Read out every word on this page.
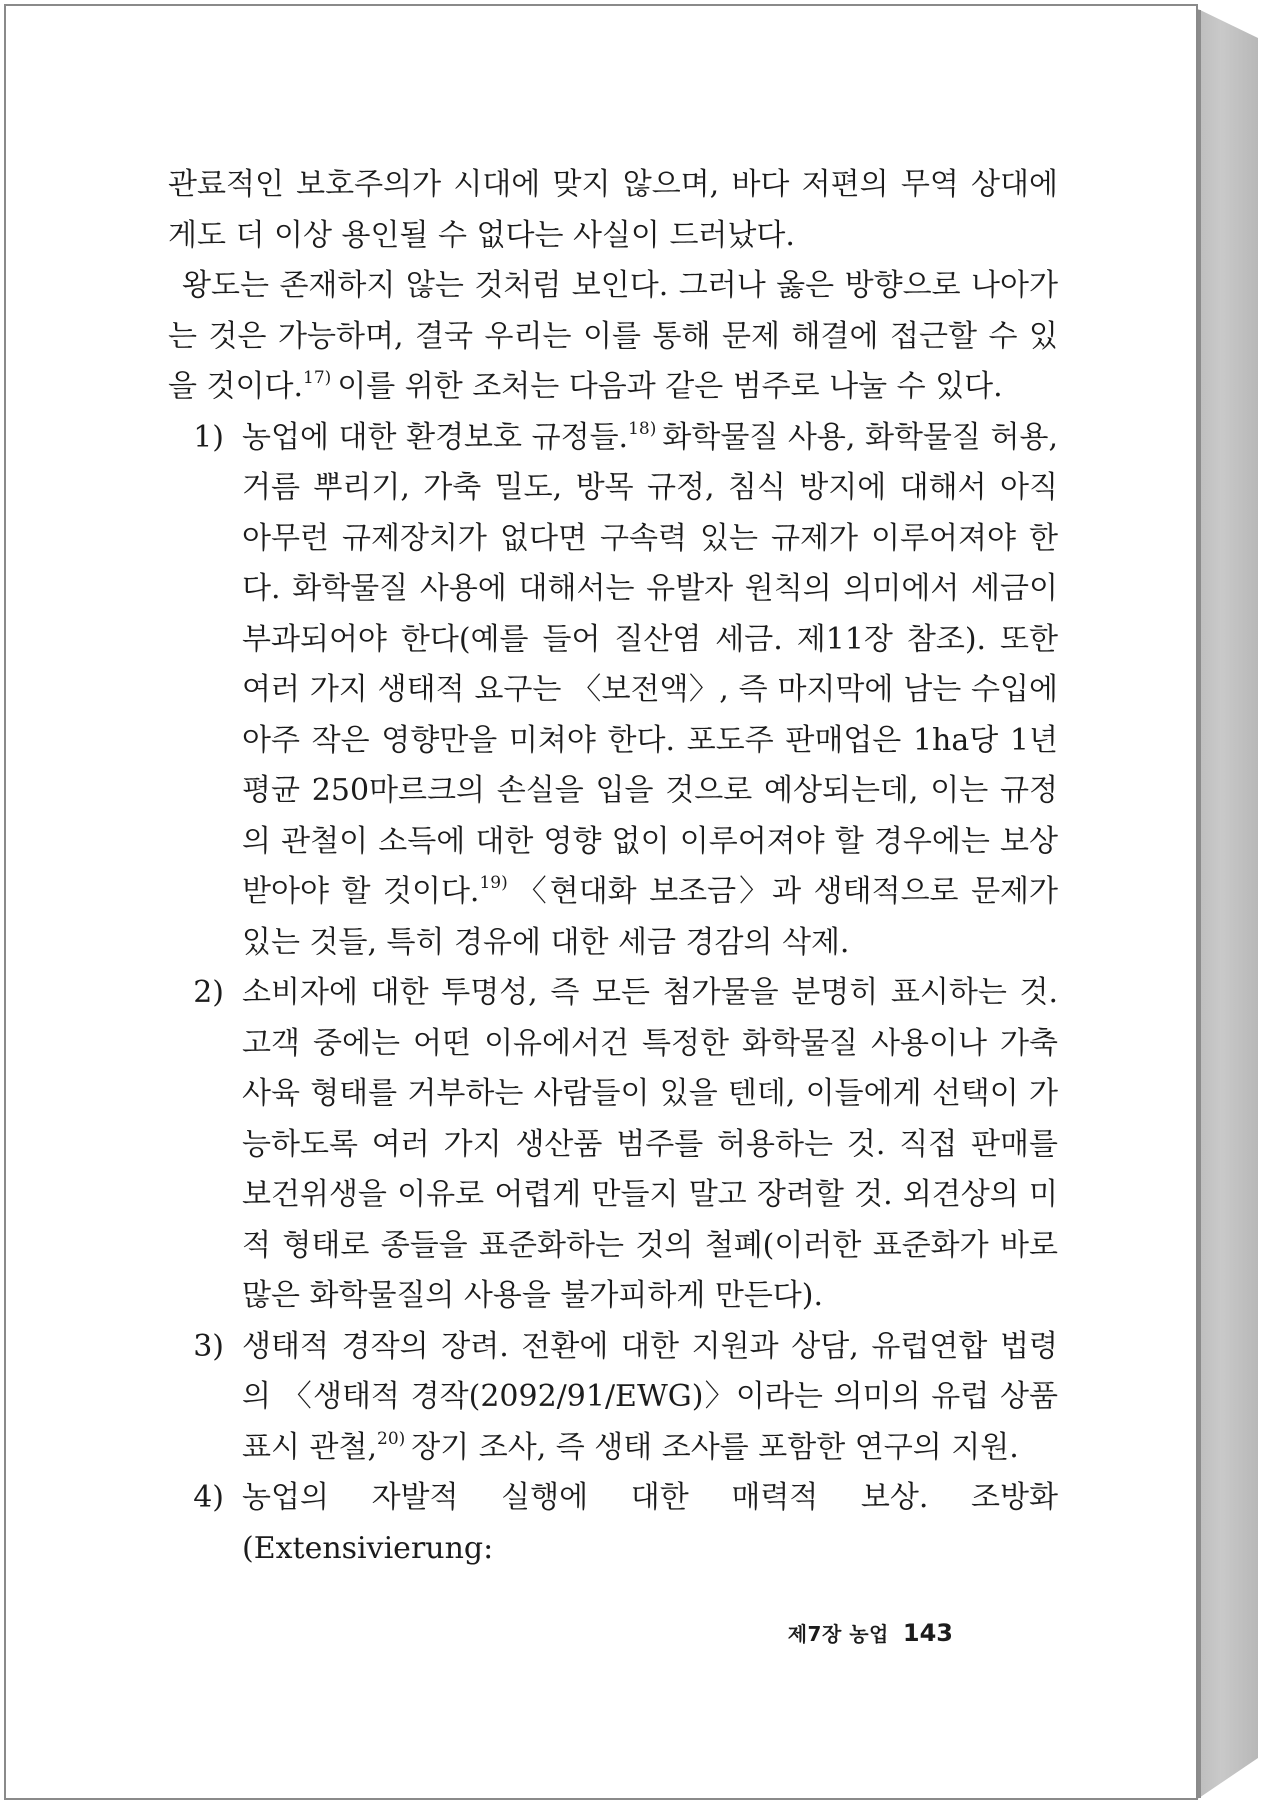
관료적인 보호주의가 시대에 맞지 않으며, 바다 저편의 무역 상대에게도 더 이상 용인될 수 없다는 사실이 드러났다.

왕도는 존재하지 않는 것처럼 보인다. 그러나 옳은 방향으로 나아가는 것은 가능하며, 결국 우리는 이를 통해 문제 해결에 접근할 수 있을 것이다.$^{17)}$ 이를 위한 조처는 다음과 같은 범주로 나눌 수 있다.

1) 농업에 대한 환경보호 규정들.$^{18)}$ 화학물질 사용, 화학물질 허용, 거름 뿌리기, 가축 밀도, 방목 규정, 침식 방지에 대해서 아직 아무런 규제장치가 없다면 구속력 있는 규제가 이루어져야 한다. 화학물질 사용에 대해서는 유발자 원칙의 의미에서 세금이 부과되어야 한다(예를 들어 질산염 세금. 제11장 참조). 또한 여러 가지 생태적 요구는 〈보전액〉, 즉 마지막에 남는 수입에 아주 작은 영향만을 미쳐야 한다. 포도주 판매업은 1ha당 1년 평균 250마르크의 손실을 입을 것으로 예상되는데, 이는 규정의 관철이 소득에 대한 영향 없이 이루어져야 할 경우에는 보상받아야 할 것이다.$^{19)}$ 〈현대화 보조금〉과 생태적으로 문제가 있는 것들, 특히 경유에 대한 세금 경감의 삭제.
2) 소비자에 대한 투명성, 즉 모든 첨가물을 분명히 표시하는 것. 고객 중에는 어떤 이유에서건 특정한 화학물질 사용이나 가축사육 형태를 거부하는 사람들이 있을 텐데, 이들에게 선택이 가능하도록 여러 가지 생산품 범주를 허용하는 것. 직접 판매를 보건위생을 이유로 어렵게 만들지 말고 장려할 것. 외견상의 미적 형태로 종들을 표준화하는 것의 철폐(이러한 표준화가 바로 많은 화학물질의 사용을 불가피하게 만든다).
3) 생태적 경작의 장려. 전환에 대한 지원과 상담, 유럽연합 법령의 〈생태적 경작(2092/91/EWG)〉이라는 의미의 유럽 상품표시 관철,$^{20)}$ 장기 조사, 즉 생태 조사를 포함한 연구의 지원.
4) 농업의 자발적 실행에 대한 매력적 보상. 조방화(Extensivierung:
제7장 농업 143
